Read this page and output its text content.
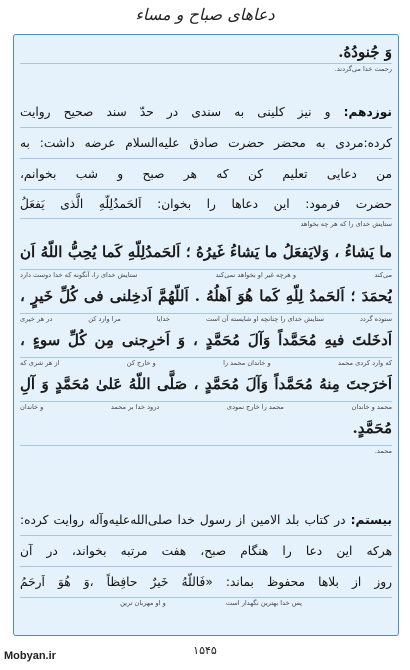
دعاهای صباح و مساء
وَ جُنودُهُ.
رحمت خدا می‌گردند.
نوزدهم: و نیز کلینی به سندی در حدّ سند صحیح روایت
کرده:مردی به محضر حضرت صادق عليه‌السلام عرضه داشت: به
من دعایی تعلیم کن که هر صبح و شب بخوانم،
حضرت فرمود: این دعاها را بخوان: اَلحَمدُلِلّهِ الَّذی یَفعَلُ
ستایش خدای را که هر چه بخواهد
ما یَشاءُ ، وَلایَفعَلُ ما یَشاءُ غَیرُهُ ؛ اَلحَمدُلِلّهِ کَما یُحِبُّ اللّهُ اَن
می‌کند
و هرچه غیر او بخواهد نمی‌کند
ستایش خدای را، آنگونه که خدا دوست دارد
یُحمَدَ ؛ اَلحَمدُ لِلّهِ کَما هُوَ اَهلُهُ . اَللّهُمَّ اَدخِلنی فی کُلِّ خَیرٍ ،
ستوده گردد
ستایش خدای را چنانچه او شایسته آن است
خدایا
مرا وارد کن
در هر خیری
اَدخَلتَ فیهِ مُحَمَّداً وَآلَ مُحَمَّدٍ ، وَ اَخرِجنی مِن کُلِّ سوءٍ ،
که وارد کردی محمد
و خاندان محمد را
و خارج کن
از هر شری که
اَخرَجتَ مِنهُ مُحَمَّداً وَآلَ مُحَمَّدٍ ، صَلَّى اللّهُ عَلىٰ مُحَمَّدٍ وَ آلِ
محمد و خاندان
محمد را خارج نمودی
درود خدا بر محمد
و خاندان
مُحَمَّدٍ.
محمد.
بیستم: در کتاب بلد الامین از رسول خدا صلى‌الله‌عليه‌وآله روایت کرده:
هرکه این دعا را هنگام صبح، هفت مرتبه بخواند، در آن
روز از بلاها محفوظ بماند: «فَاللّهُ خَیرٌ حافِظاً ،وَ هُوَ اَرحَمُ
پس خدا بهترین نگهدار است
و او مهربان ترین
۱۵۴۵
Mobyan.ir
